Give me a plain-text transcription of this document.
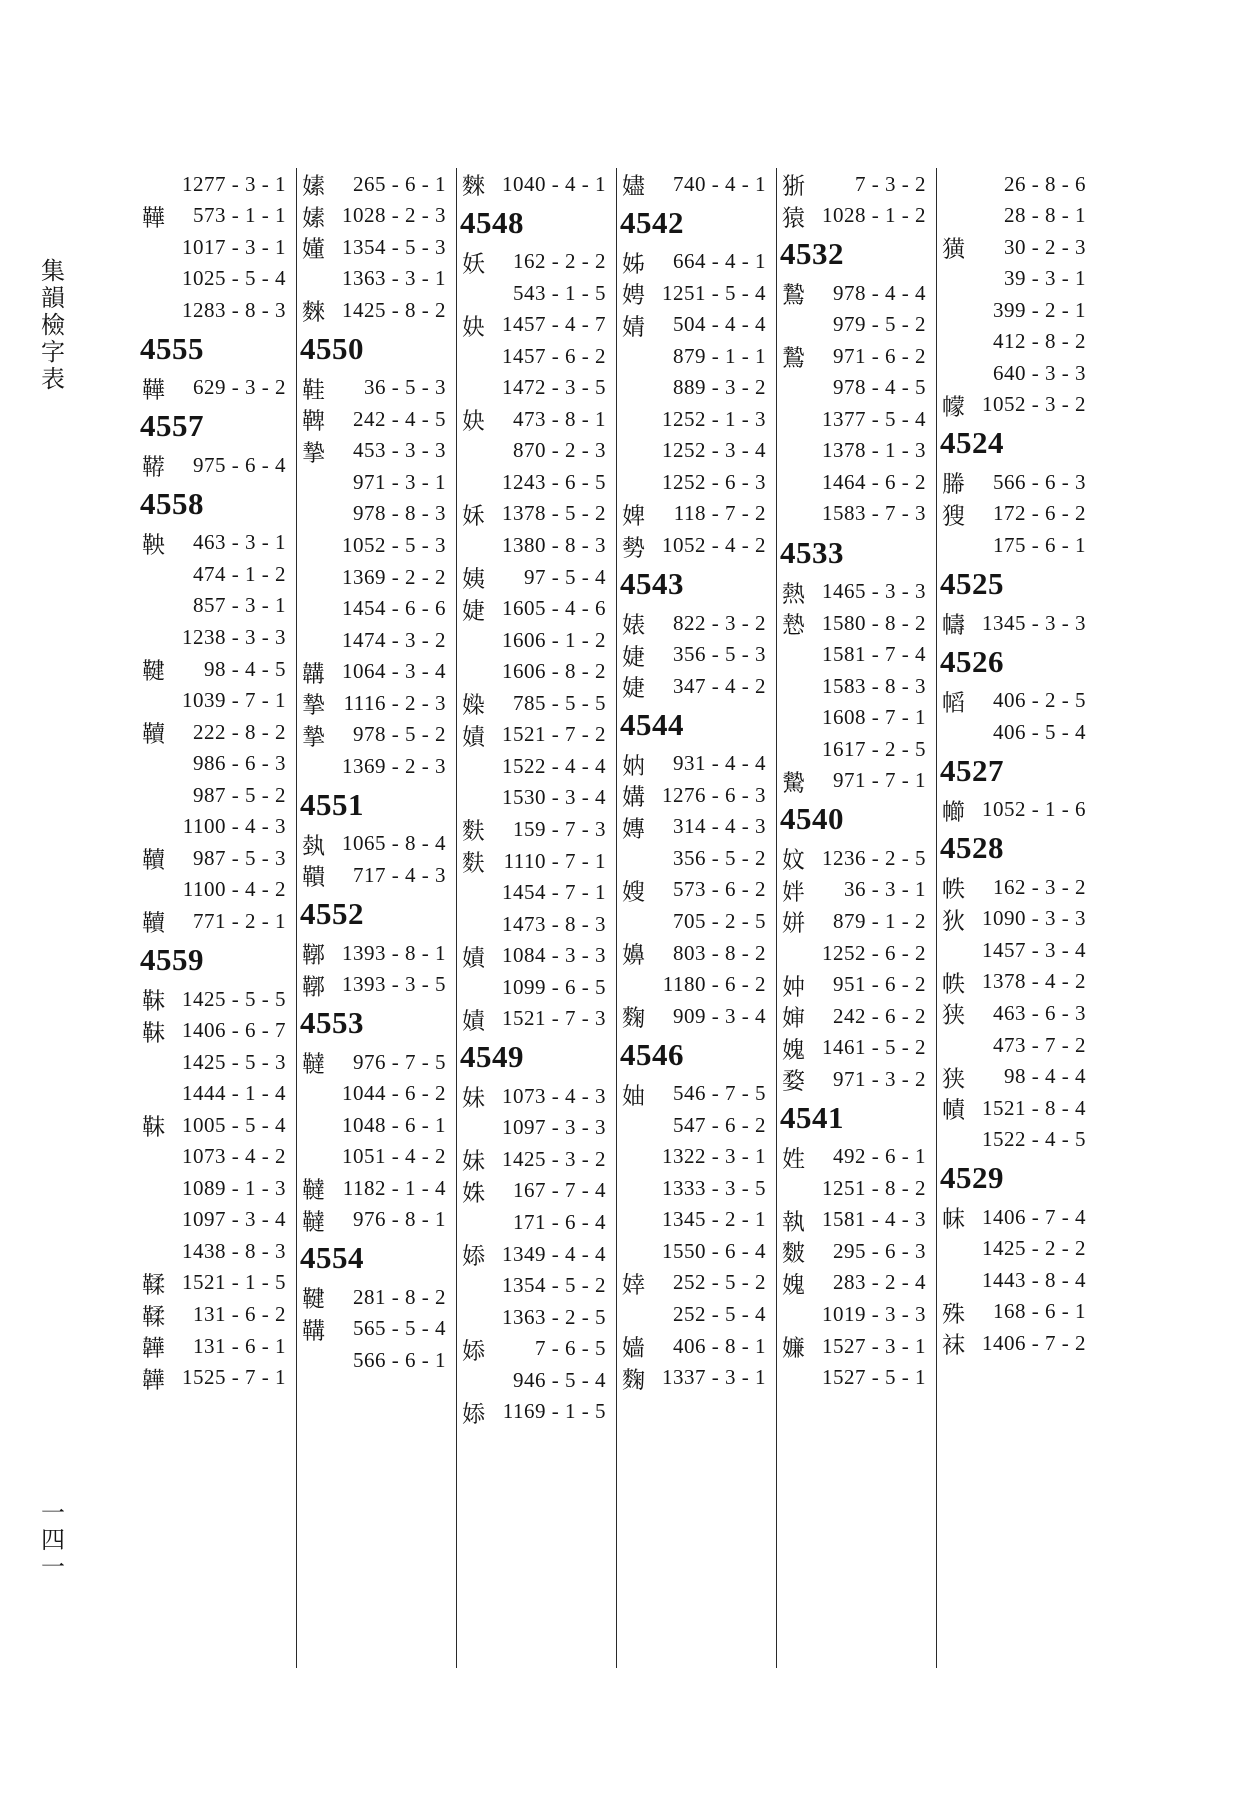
集韻檢字表
一四一
1277 - 3 - 1
鞾 573 - 1 - 1
1017 - 3 - 1
1025 - 5 - 4
1283 - 8 - 3
4555
鞾 629 - 3 - 2
4557
鞯 975 - 6 - 4
4558
鞅 463 - 3 - 1
474 - 1 - 2
857 - 3 - 1
1238 - 3 - 3
鞬 98 - 4 - 5
1039 - 7 - 1
韇 222 - 8 - 2
986 - 6 - 3
987 - 5 - 2
1100 - 4 - 3
韇 987 - 5 - 3
1100 - 4 - 2
韇 771 - 2 - 1
4559
靺 1425 - 5 - 5
靺 1406 - 6 - 7
1425 - 5 - 3
1444 - 1 - 4
靺 1005 - 5 - 4
1073 - 4 - 2
1089 - 1 - 3
1097 - 3 - 4
1438 - 8 - 3
鞣 1521 - 1 - 5
鞣 131 - 6 - 2
韡 131 - 6 - 1
韡 1525 - 7 - 1
嫊 265 - 6 - 1
嫊 1028 - 2 - 3
嬞 1354 - 5 - 3
1363 - 3 - 1
麳 1425 - 8 - 2
4550
鞋 36 - 5 - 3
鞞 242 - 4 - 5
摯 453 - 3 - 3
971 - 3 - 1
978 - 8 - 3
1052 - 5 - 3
1369 - 2 - 2
1454 - 6 - 6
1474 - 3 - 2
韝 1064 - 3 - 4
摯 1116 - 2 - 3
摯 978 - 5 - 2
1369 - 2 - 3
4551
埶 1065 - 8 - 4
鞼 717 - 4 - 3
4552
鞹 1393 - 8 - 1
鞹 1393 - 3 - 5
4553
韃 976 - 7 - 5
1044 - 6 - 2
1048 - 6 - 1
1051 - 4 - 2
韃 1182 - 1 - 4
韃 976 - 8 - 1
4554
鞬 281 - 8 - 2
鞲 565 - 5 - 4
566 - 6 - 1
麳 1040 - 4 - 1
4548
妖 162 - 2 - 2
543 - 1 - 5
妜 1457 - 4 - 7
1457 - 6 - 2
1472 - 3 - 5
妜 473 - 8 - 1
870 - 2 - 3
1243 - 6 - 5
姀 1378 - 5 - 2
1380 - 8 - 3
姨 97 - 5 - 4
婕 1605 - 4 - 6
1606 - 1 - 2
1606 - 8 - 2
媣 785 - 5 - 5
嫧 1521 - 7 - 2
1522 - 4 - 4
1530 - 3 - 4
麩 159 - 7 - 3
麩 1110 - 7 - 1
1454 - 7 - 1
1473 - 8 - 3
嫧 1084 - 3 - 3
1099 - 6 - 5
嫧 1521 - 7 - 3
4549
妹 1073 - 4 - 3
1097 - 3 - 3
妹 1425 - 3 - 2
姝 167 - 7 - 4
171 - 6 - 4
婖 1349 - 4 - 4
1354 - 5 - 2
1363 - 2 - 5
婖 7 - 6 - 5
946 - 5 - 4
婖 1169 - 1 - 5
嬧 740 - 4 - 1
4542
姊 664 - 4 - 1
娉 1251 - 5 - 4
婧 504 - 4 - 4
879 - 1 - 1
889 - 3 - 2
1252 - 1 - 3
1252 - 3 - 4
1252 - 6 - 3
婢 118 - 7 - 2
勢 1052 - 4 - 2
4543
婊 822 - 3 - 2
婕 356 - 5 - 3
婕 347 - 4 - 2
4544
妠 931 - 4 - 4
媾 1276 - 6 - 3
嫥 314 - 4 - 3
356 - 5 - 2
嫂 573 - 6 - 2
705 - 2 - 5
嬶 803 - 8 - 2
1180 - 6 - 2
麴 909 - 3 - 4
4546
妯 546 - 7 - 5
547 - 6 - 2
1322 - 3 - 1
1333 - 3 - 5
1345 - 2 - 1
1550 - 6 - 4
婞 252 - 5 - 2
252 - 5 - 4
嫱 406 - 8 - 1
麴 1337 - 3 - 1
狾 7 - 3 - 2
猿 1028 - 1 - 2
4532
鷙 978 - 4 - 4
979 - 5 - 2
鷙 971 - 6 - 2
978 - 4 - 5
1377 - 5 - 4
1378 - 1 - 3
1464 - 6 - 2
1583 - 7 - 3
4533
熱 1465 - 3 - 3
慹 1580 - 8 - 2
1581 - 7 - 4
1583 - 8 - 3
1608 - 7 - 1
1617 - 2 - 5
驇 971 - 7 - 1
4540
妏 1236 - 2 - 5
姅 36 - 3 - 1
姘 879 - 1 - 2
1252 - 6 - 2
妕 951 - 6 - 2
婶 242 - 6 - 2
媿 1461 - 5 - 2
婺 971 - 3 - 2
4541
姓 492 - 6 - 1
1251 - 8 - 2
執 1581 - 4 - 3
麬 295 - 6 - 3
媿 283 - 2 - 4
1019 - 3 - 3
嬚 1527 - 3 - 1
1527 - 5 - 1
26 - 8 - 6
28 - 8 - 1
獚 30 - 2 - 3
39 - 3 - 1
399 - 2 - 1
412 - 8 - 2
640 - 3 - 3
幪 1052 - 3 - 2
4524
幐 566 - 6 - 3
獀 172 - 6 - 2
175 - 6 - 1
4525
幬 1345 - 3 - 3
4526
幍 406 - 2 - 5
406 - 5 - 4
4527
幯 1052 - 1 - 6
4528
帙 162 - 3 - 2
狄 1090 - 3 - 3
1457 - 3 - 4
帙 1378 - 4 - 2
狭 463 - 6 - 3
473 - 7 - 2
狭 98 - 4 - 4
幘 1521 - 8 - 4
1522 - 4 - 5
4529
帓 1406 - 7 - 4
1425 - 2 - 2
1443 - 8 - 4
殊 168 - 6 - 1
袜 1406 - 7 - 2
